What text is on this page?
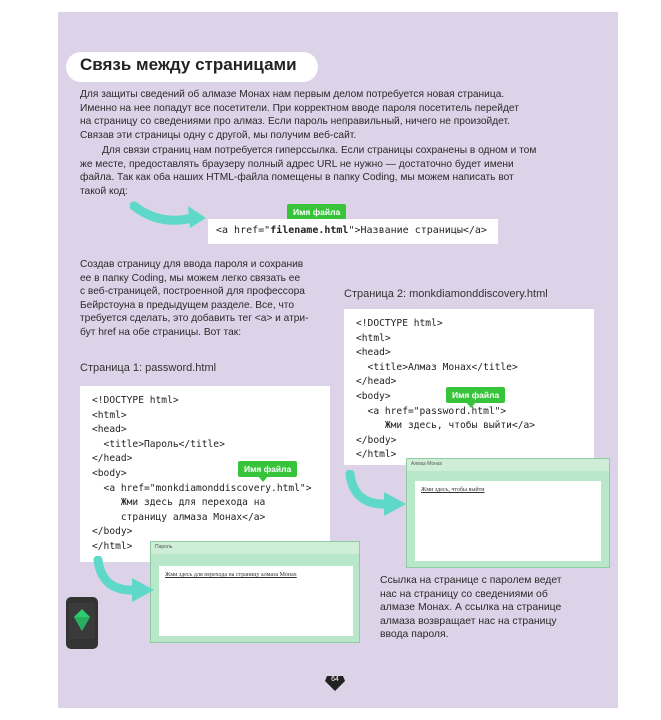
Связь между страницами

Для защиты сведений об алмазе Монах нам первым делом потребуется новая страница.

Именно на нее попадут все посетители. При корректном вводе пароля посетитель перейдет

на страницу со сведениями про алмаз. Если пароль неправильный, ничего не произойдет.

Связав эти страницы одну с другой, мы получим веб-сайт.

Для связи страниц нам потребуется гиперссылка. Если страницы сохранены в одном и том

же месте, предоставлять браузеру полный адрес URL не нужно — достаточно будет имени

файла. Так как оба наших HTML-файла помещены в папку Coding, мы можем написать вот

такой код:

Имя файла
<a href="filename.html">Название страницы</a>

Создав страницу для ввода пароля и сохранив

ее в папку Coding, мы можем легко связать ее

с веб-страницей, построенной для профессора

Бейрстоуна в предыдущем разделе. Все, что

требуется сделать, это добавить тег <a> и атри-

бут href на обе страницы. Вот так:

Страница 1: password.html
Страница 2: monkdiamonddiscovery.html
<!DOCTYPE html>
<html>
<head>
<title>Алмаз Монах</title>
</head>
<body>
<a href="password.html">
Жми здесь, чтобы выйти</a>
</body>
</html>
Имя файла
<!DOCTYPE html>
<html>
<head>
<title>Пароль</title>
</head>
<body>
<a href="monkdiamonddiscovery.html">
Жми здесь для перехода на
страницу алмаза Монах</a>
</body>
</html>
Имя файла	Алмаз Монах
Жми здесь, чтобы выйти
Пароль
Жми здесь для перехода на страницу алмаза Монах	Ссылка на странице с паролем ведет

нас на страницу со сведениями об

алмазе Монах. А ссылка на странице

алмаза возвращает нас на страницу

ввода пароля.

64
